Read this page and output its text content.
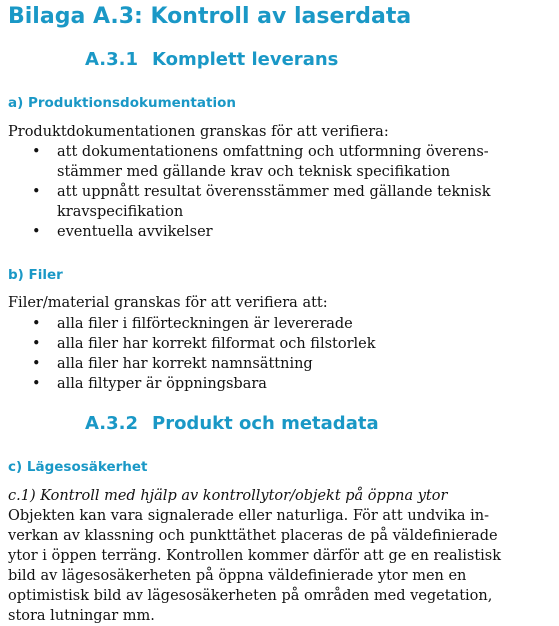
Bilaga A.3: Kontroll av laserdata
A.3.1 Komplett leverans
a) Produktionsdokumentation

Produktdokumentationen granskas för att verifiera:

• att dokumentationens omfattning och utformning överens-
stämmer med gällande krav och teknisk specifikation
• att uppnått resultat överensstämmer med gällande teknisk
kravspecifikation
• eventuella avvikelser
b) Filer

Filer/material granskas för att verifiera att:

• alla filer i filförteckningen är levererade
• alla filer har korrekt filformat och filstorlek
• alla filer har korrekt namnsättning
• alla filtyper är öppningsbara
A.3.2 Produkt och metadata
c) Lägesosäkerhet

c.1) Kontroll med hjälp av kontrollytor/objekt på öppna ytor

Objekten kan vara signalerade eller naturliga. För att undvika in-
verkan av klassning och punkttäthet placeras de på väldefinierade
ytor i öppen terräng. Kontrollen kommer därför att ge en realistisk
bild av lägesosäkerheten på öppna väldefinierade ytor men en
optimistisk bild av lägesosäkerheten på områden med vegetation,
stora lutningar mm.
